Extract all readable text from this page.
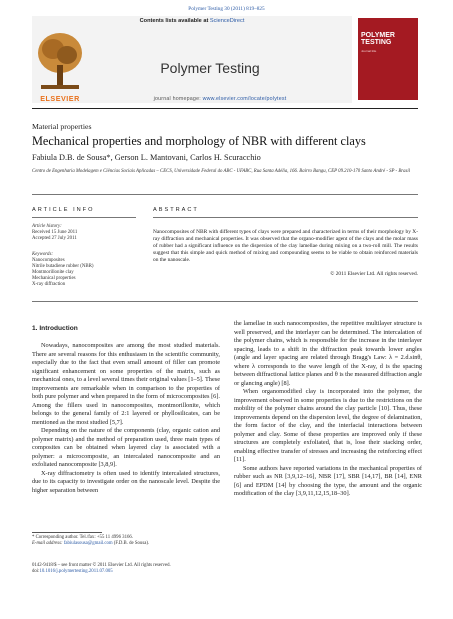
Polymer Testing 30 (2011) 819–825
Contents lists available at ScienceDirect
ELSEVIER
Polymer Testing
journal homepage: www.elsevier.com/locate/polytest
POLYMER
TESTING
Journal title
Material properties
Mechanical properties and morphology of NBR with different clays
Fabiula D.B. de Sousa*, Gerson L. Mantovani, Carlos H. Scuracchio
Centro de Engenharia Modelagem e Ciências Sociais Aplicadas – CECS, Universidade Federal do ABC - UFABC, Rua Santa Adélia, 166. Bairro Bangu, CEP 09.210-170 Santo André - SP - Brasil
ARTICLE INFO	ABSTRACT
Article history:
Received 15 June 2011
Accepted 27 July 2011
Keywords:
Nanocomposites
Nitrile butadiene rubber (NBR)
Montmorillonite clay
Mechanical properties
X-ray diffraction
Nanocomposites of NBR with different types of clays were prepared and characterized in terms of their morphology by X-ray diffraction and mechanical properties. It was observed that the organo-modifier agent of the clays and the molar mass of rubber had a significant influence on the dispersion of the clay lamellae during mixing on a two-roll mill. The results suggest that this simple and quick method of mixing and compounding seems to be viable to obtain reinforced materials on the nanoscale.
© 2011 Elsevier Ltd. All rights reserved.
1. Introduction

Nowadays, nanocomposites are among the most studied materials. There are several reasons for this enthusiasm in the scientific community, especially due to the fact that even small amount of filler can promote significant enhancement on some properties of the matrix, such as mechanical ones, to a level several times their original values [1–5]. These improvements are remarkable when in comparison to the properties of both pure polymer and when prepared in the form of microcomposites [6]. Among the fillers used in nanocomposites, montmorillonite, which belongs to the general family of 2:1 layered or phyllosilicates, can be mentioned as the most studied [5,7].

Depending on the nature of the components (clay, organic cation and polymer matrix) and the method of preparation used, three main types of composites can be obtained when layered clay is associated with a polymer: a microcomposite, an intercalated nanocomposite and an exfoliated nanocomposite [3,8,9].

X-ray diffractometry is often used to identify intercalated structures, due to its capacity to investigate order on the nanoscale level. Despite the higher separation between

the lamellae in such nanocomposites, the repetitive multilayer structure is well preserved, and the interlayer can be determined. The intercalation of the polymer chains, which is responsible for the increase in the interlayer spacing, leads to a shift in the diffraction peak towards lower angles (angle and layer spacing are related through Bragg's Law: λ = 2.d.sinθ, where λ corresponds to the wave length of the X-ray, d is the spacing between diffractional lattice planes and θ is the measured diffraction angle or glancing angle) [8].

When organomodified clay is incorporated into the polymer, the improvement observed in some properties is due to the restrictions on the mobility of the polymer chains around the clay particle [10]. Thus, these improvements depend on the dispersion level, the degree of delamination, the form factor of the clay, and the interfacial interactions between polymer and clay. Some of these properties are improved only if these structures are completely exfoliated, that is, lose their stacking order, enabling effective transfer of stresses and increasing the reinforcing effect [11].

Some authors have reported variations in the mechanical properties of rubber such as NR [3,9,12–16], NBR [17], SBR [14,17], BR [14], ENR [6] and EPDM [14] by choosing the type, the amount and the organic modification of the clay [3,9,11,12,15,18–30].

* Corresponding author. Tel./fax: +55 11 4996 3166.
E-mail address: fabiulasousa@gmail.com (F.D.B. de Sousa).
0142-9418/$ – see front matter © 2011 Elsevier Ltd. All rights reserved.
doi:10.1016/j.polymertesting.2011.07.005
